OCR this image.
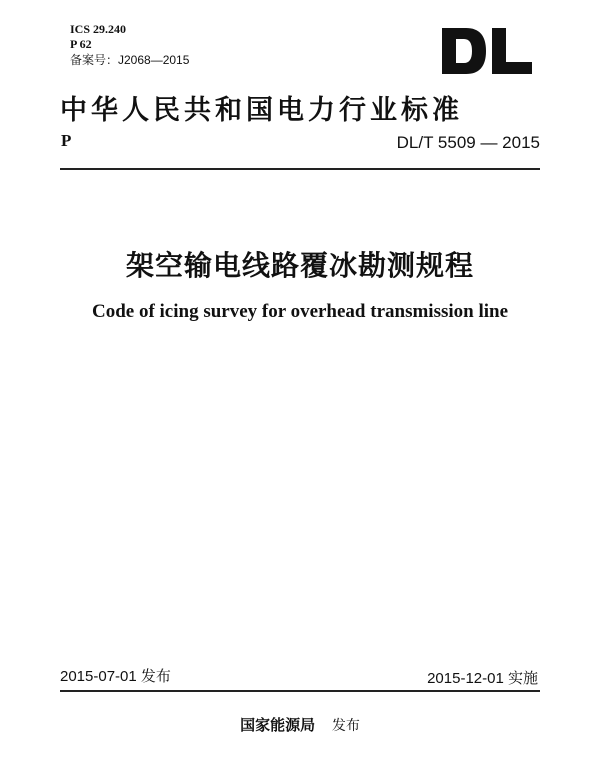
ICS 29.240
P 62
备案号：J2068—2015
中华人民共和国电力行业标准
P	DL/T 5509 — 2015
架空输电线路覆冰勘测规程
Code of icing survey for overhead transmission line
2015-07-01 发布	2015-12-01 实施
国家能源局 发布
